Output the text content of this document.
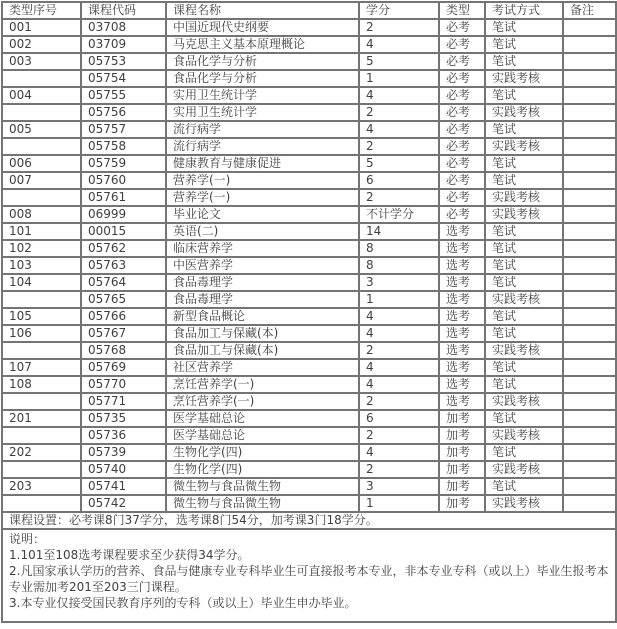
类型序号	课程代码	课程名称	学分	类型	考试方式	备注
001	03708	中国近现代史纲要	2	必考	笔试	
002	03709	马克思主义基本原理概论	4	必考	笔试	
003	05753	食品化学与分析	5	必考	笔试	
	05754	食品化学与分析	1	必考	实践考核	
004	05755	实用卫生统计学	4	必考	笔试	
	05756	实用卫生统计学	2	必考	实践考核	
005	05757	流行病学	4	必考	笔试	
	05758	流行病学	2	必考	实践考核	
006	05759	健康教育与健康促进	5	必考	笔试	
007	05760	营养学(一)	6	必考	笔试	
	05761	营养学(一)	2	必考	实践考核	
008	06999	毕业论文	不计学分	必考	实践考核	
101	00015	英语(二)	14	选考	笔试	
102	05762	临床营养学	8	选考	笔试	
103	05763	中医营养学	8	选考	笔试	
104	05764	食品毒理学	3	选考	笔试	
	05765	食品毒理学	1	选考	实践考核	
105	05766	新型食品概论	4	选考	笔试	
106	05767	食品加工与保藏(本)	4	选考	笔试	
	05768	食品加工与保藏(本)	2	选考	实践考核	
107	05769	社区营养学	4	选考	笔试	
108	05770	烹饪营养学(一)	4	选考	笔试	
	05771	烹饪营养学(一)	2	选考	实践考核	
201	05735	医学基础总论	6	加考	笔试	
	05736	医学基础总论	2	加考	实践考核	
202	05739	生物化学(四)	4	加考	笔试	
	05740	生物化学(四)	2	加考	实践考核	
203	05741	微生物与食品微生物	3	加考	笔试	
	05742	微生物与食品微生物	1	加考	实践考核	
课程设置：必考课8门37学分，选考课8门54分，加考课3门18学分。						

说明：
1.101至108选考课程要求至少获得34学分。
2.凡国家承认学历的营养、食品与健康专业专科毕业生可直接报考本专业，非本专业专科（或以上）毕业生报考本专业需加考201至203三门课程。
3.本专业仅接受国民教育序列的专科（或以上）毕业生申办毕业。						
